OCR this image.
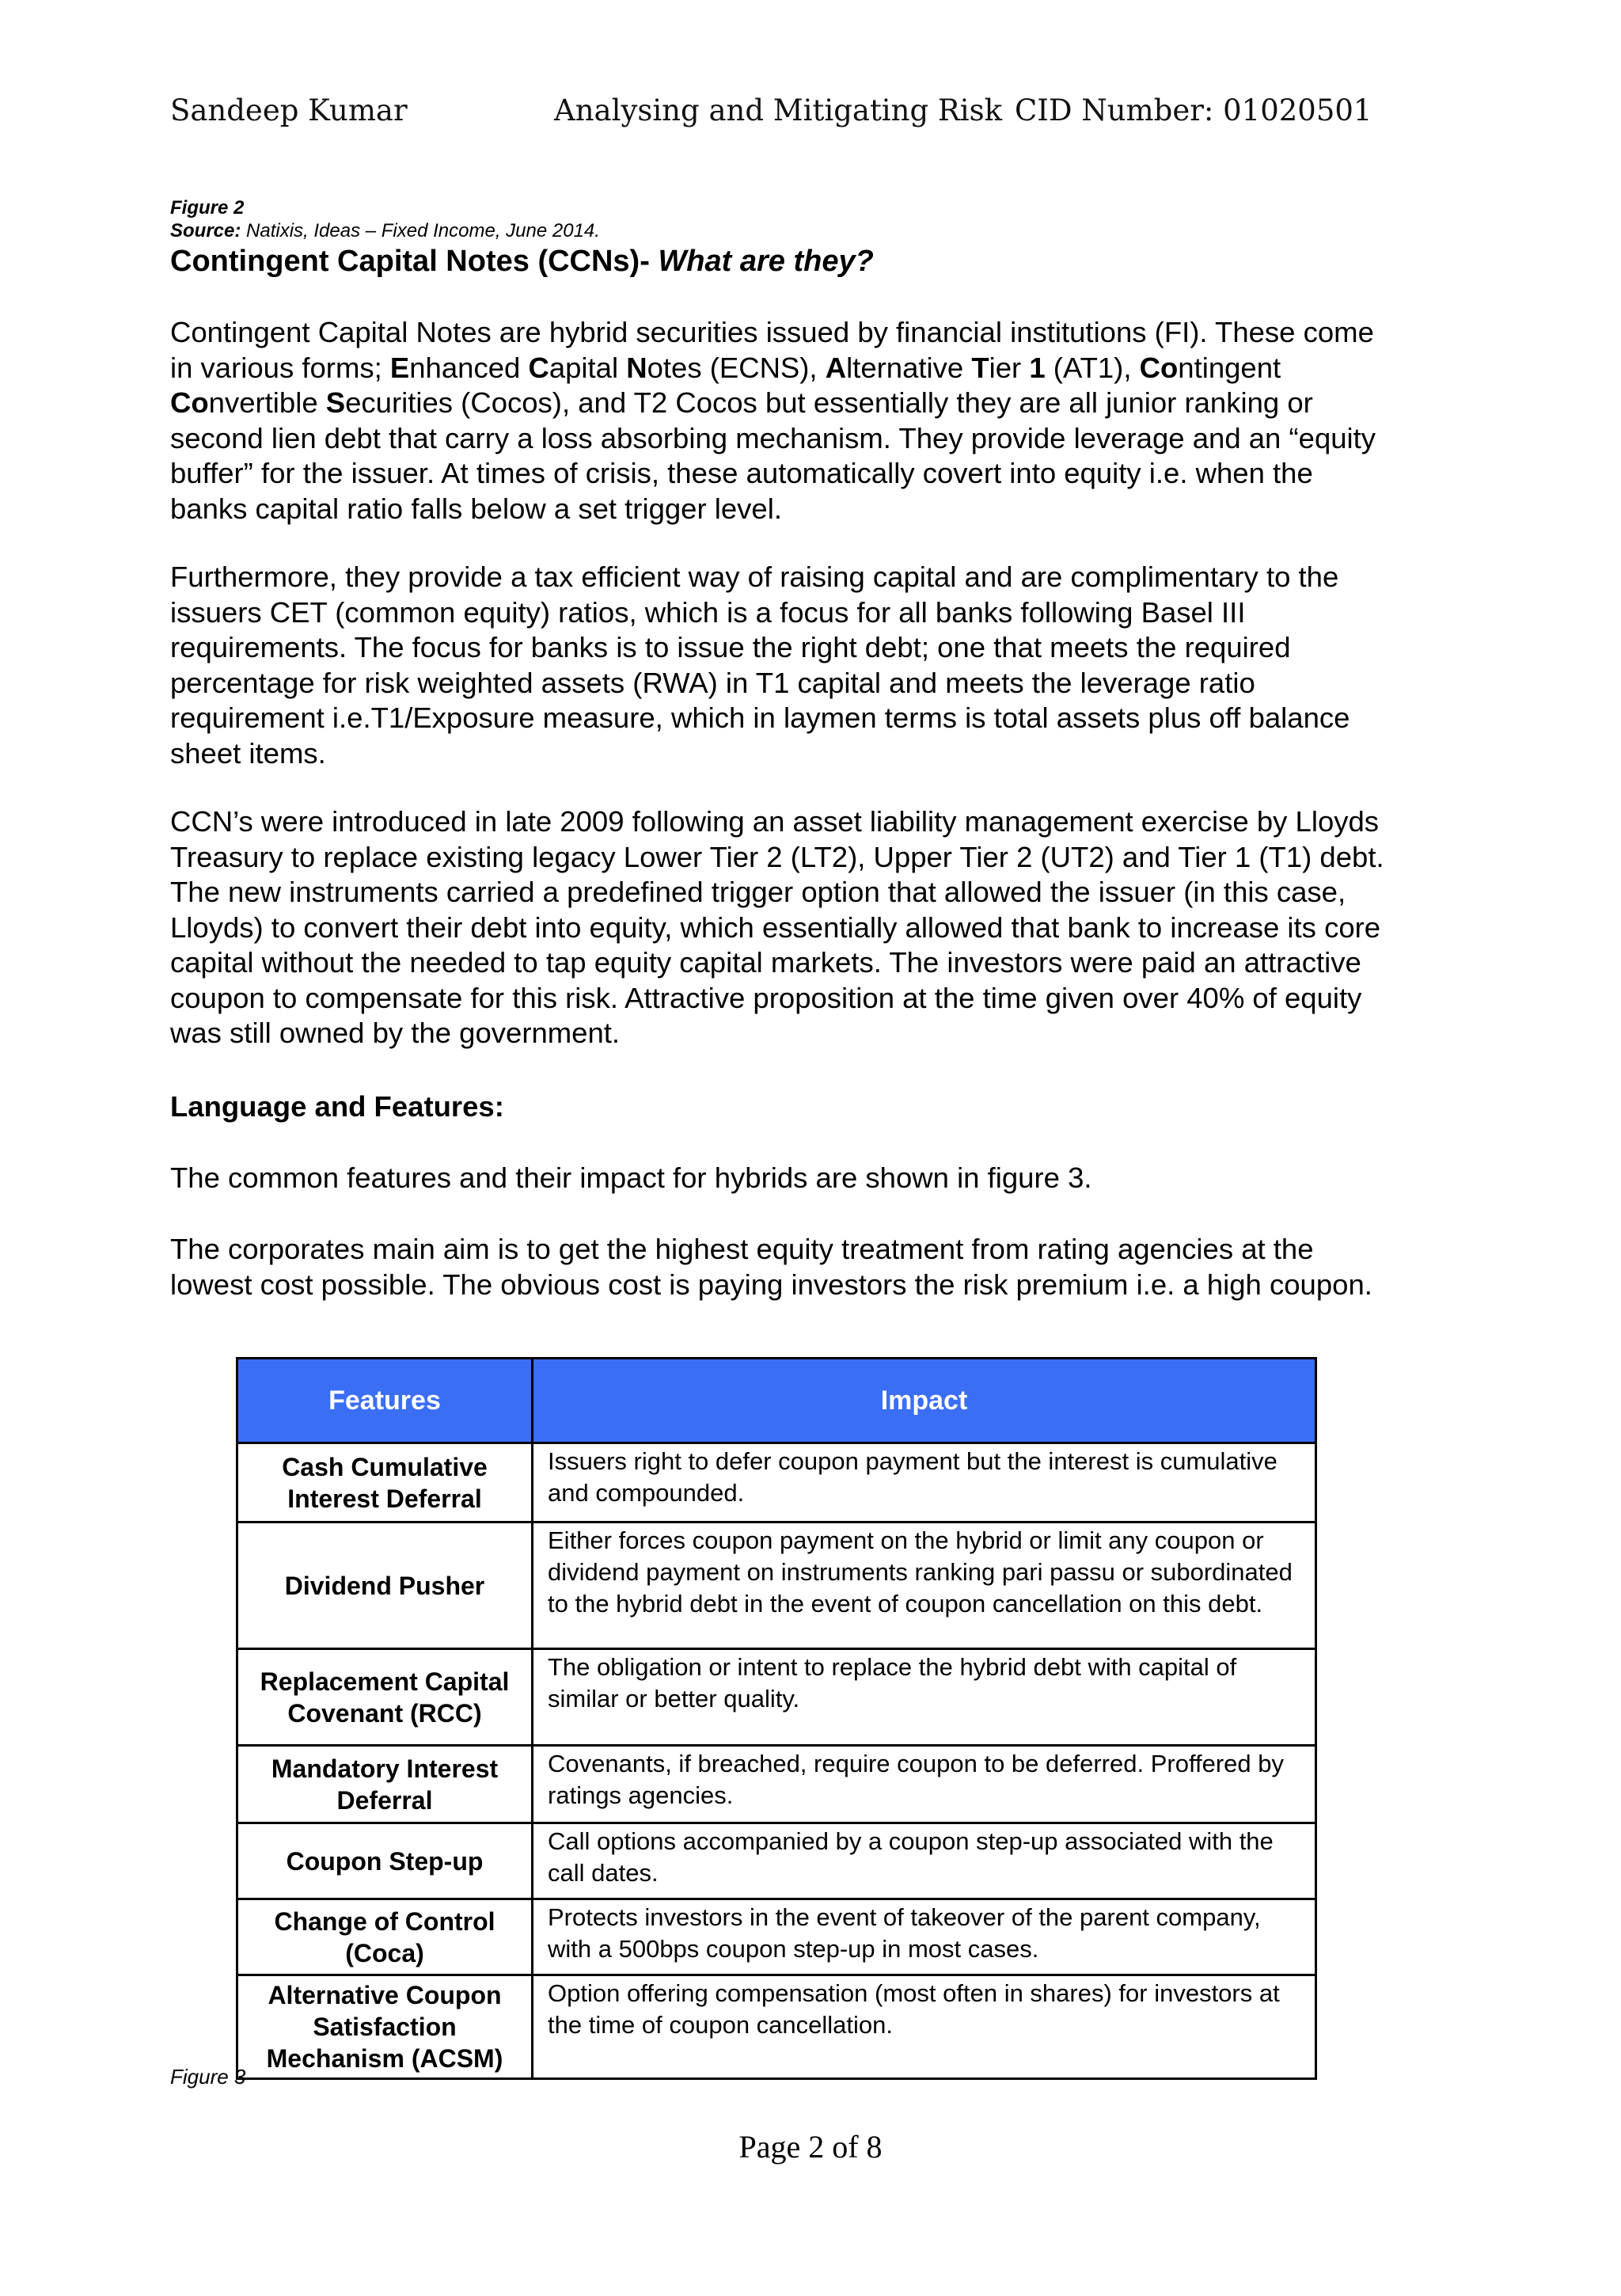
Sandeep Kumar	Analysing and Mitigating Risk CID Number: 01020501
Figure 2
Source: Natixis, Ideas – Fixed Income, June 2014.
Contingent Capital Notes (CCNs)- What are they?

Contingent Capital Notes are hybrid securities issued by financial institutions (FI). These come in various forms; Enhanced Capital Notes (ECNS), Alternative Tier 1 (AT1), Contingent Convertible Securities (Cocos), and T2 Cocos but essentially they are all junior ranking or second lien debt that carry a loss absorbing mechanism. They provide leverage and an “equity buffer” for the issuer. At times of crisis, these automatically covert into equity i.e. when the banks capital ratio falls below a set trigger level.

Furthermore, they provide a tax efficient way of raising capital and are complimentary to the issuers CET (common equity) ratios, which is a focus for all banks following Basel III requirements. The focus for banks is to issue the right debt; one that meets the required percentage for risk weighted assets (RWA) in T1 capital and meets the leverage ratio requirement i.e.T1/Exposure measure, which in laymen terms is total assets plus off balance sheet items.

CCN’s were introduced in late 2009 following an asset liability management exercise by Lloyds Treasury to replace existing legacy Lower Tier 2 (LT2), Upper Tier 2 (UT2) and Tier 1 (T1) debt. The new instruments carried a predefined trigger option that allowed the issuer (in this case, Lloyds) to convert their debt into equity, which essentially allowed that bank to increase its core capital without the needed to tap equity capital markets. The investors were paid an attractive coupon to compensate for this risk. Attractive proposition at the time given over 40% of equity was still owned by the government.

Language and Features:

The common features and their impact for hybrids are shown in figure 3.

The corporates main aim is to get the highest equity treatment from rating agencies at the lowest cost possible. The obvious cost is paying investors the risk premium i.e. a high coupon.

Features	Impact
Cash Cumulative Interest Deferral	Issuers right to defer coupon payment but the interest is cumulative and compounded.
Dividend Pusher	Either forces coupon payment on the hybrid or limit any coupon or dividend payment on instruments ranking pari passu or subordinated to the hybrid debt in the event of coupon cancellation on this debt.
Replacement Capital Covenant (RCC)	The obligation or intent to replace the hybrid debt with capital of similar or better quality.
Mandatory Interest Deferral	Covenants, if breached, require coupon to be deferred. Proffered by ratings agencies.
Coupon Step-up	Call options accompanied by a coupon step-up associated with the call dates.
Change of Control (Coca)	Protects investors in the event of takeover of the parent company, with a 500bps coupon step-up in most cases.
Alternative Coupon Satisfaction Mechanism (ACSM)	Option offering compensation (most often in shares) for investors at the time of coupon cancellation.
Figure 3
Page 2 of 8
